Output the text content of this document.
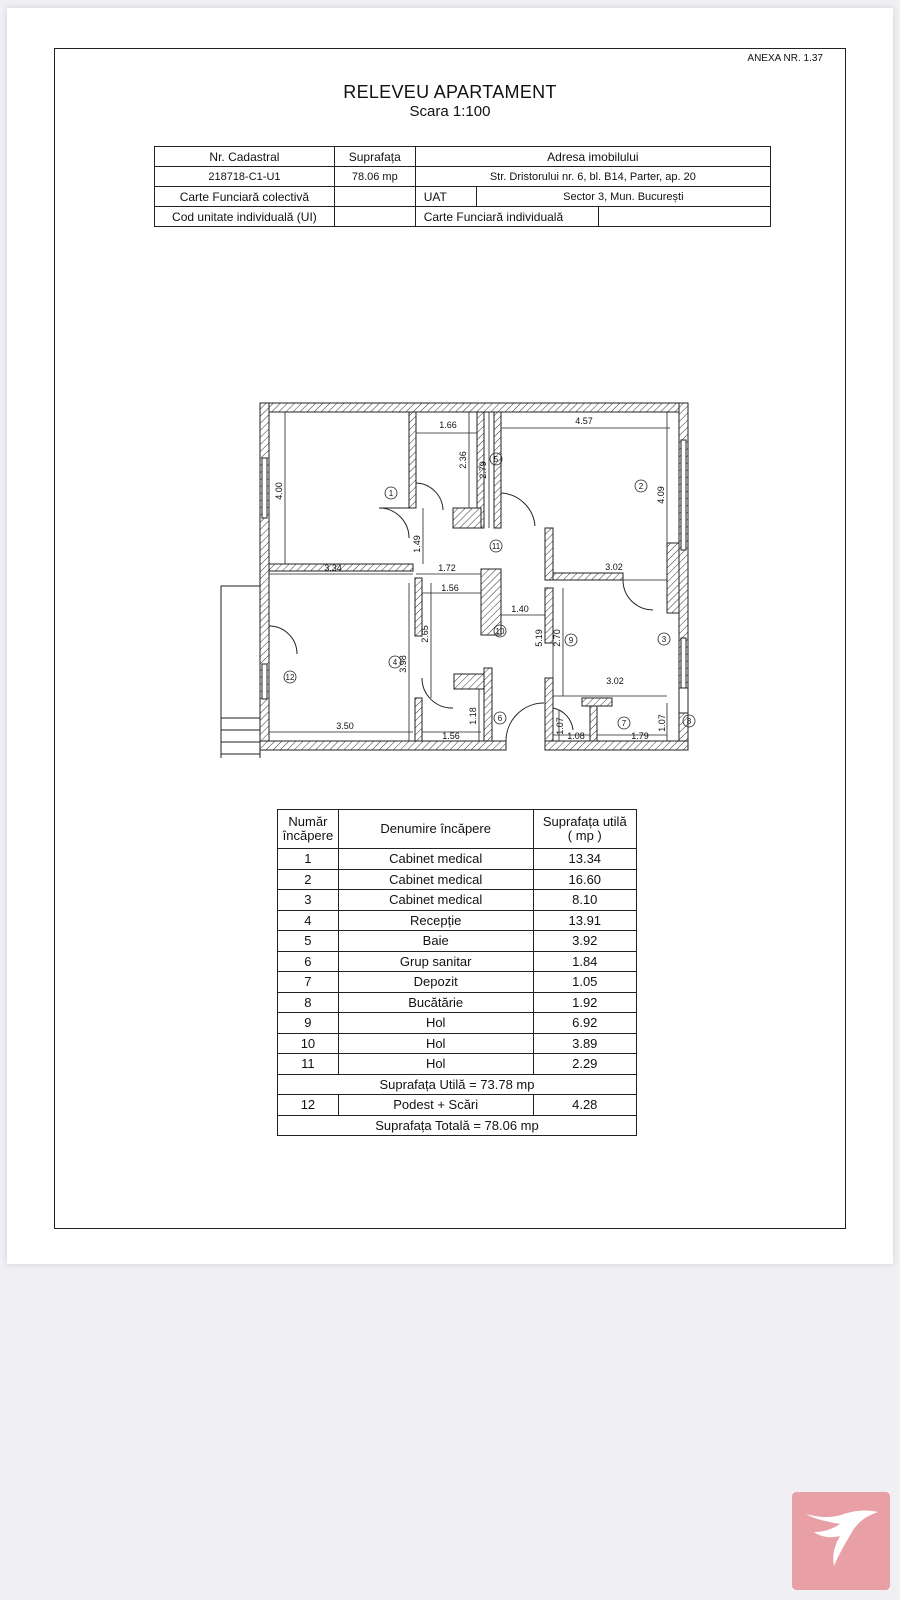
ANEXA NR. 1.37
RELEVEU APARTAMENT
Scara 1:100
Nr. Cadastral	Suprafața	Adresa imobilului		
218718-C1-U1	78.06 mp	Str. Dristorului nr. 6, bl. B14, Parter, ap. 20		
Carte Funciară colectivă		UAT	Sector 3, Mun. București	
Cod unitate individuală (UI)		Carte Funciară individuală		
1.66
2.36
4.57
2.79
4.00	4.09
1.49
3.34	1.72	3.02
1.56
1.40
2.65
3.98
5.19 2.70
3.02
1.18
3.50
1.56
1.07
1.08	1.79
1.07
1
2
3
4
5
6
7	8
9
10
11
12
Număr
încăpere	Denumire încăpere	Suprafața utilă
( mp )
1	Cabinet medical	13.34
2	Cabinet medical	16.60
3	Cabinet medical	8.10
4	Recepție	13.91
5	Baie	3.92
6	Grup sanitar	1.84
7	Depozit	1.05
8	Bucătărie	1.92
9	Hol	6.92
10	Hol	3.89
11	Hol	2.29
Suprafața Utilă = 73.78 mp		
12	Podest + Scări	4.28
Suprafața Totală = 78.06 mp		
